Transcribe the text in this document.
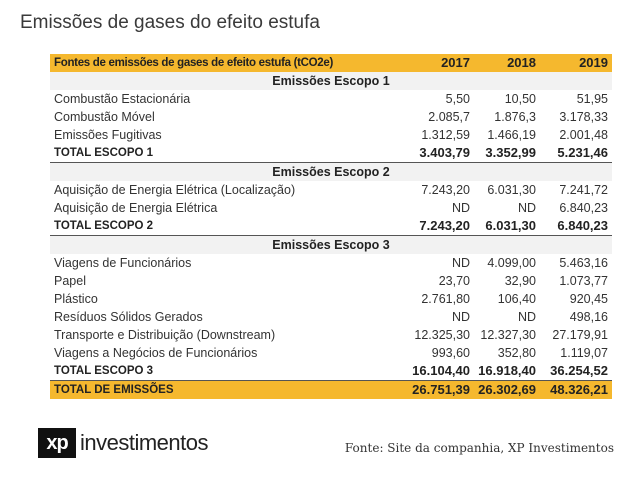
Emissões de gases do efeito estufa
Fontes de emissões de gases de efeito estufa (tCO2e)	2017	2018	2019
Emissões Escopo 1			
Combustão Estacionária	5,50	10,50	51,95
Combustão Móvel	2.085,7	1.876,3	3.178,33
Emissões Fugitivas	1.312,59	1.466,19	2.001,48
TOTAL ESCOPO 1	3.403,79	3.352,99	5.231,46
Emissões Escopo 2			
Aquisição de Energia Elétrica (Localização)	7.243,20	6.031,30	7.241,72
Aquisição de Energia Elétrica	ND	ND	6.840,23
TOTAL ESCOPO 2	7.243,20	6.031,30	6.840,23
Emissões Escopo 3			
Viagens de Funcionários	ND	4.099,00	5.463,16
Papel	23,70	32,90	1.073,77
Plástico	2.761,80	106,40	920,45
Resíduos Sólidos Gerados	ND	ND	498,16
Transporte e Distribuição (Downstream)	12.325,30	12.327,30	27.179,91
Viagens a Negócios de Funcionários	993,60	352,80	1.119,07
TOTAL ESCOPO 3	16.104,40	16.918,40	36.254,52
TOTAL DE EMISSÕES	26.751,39	26.302,69	48.326,21
xp investimentos	Fonte: Site da companhia, XP Investimentos
